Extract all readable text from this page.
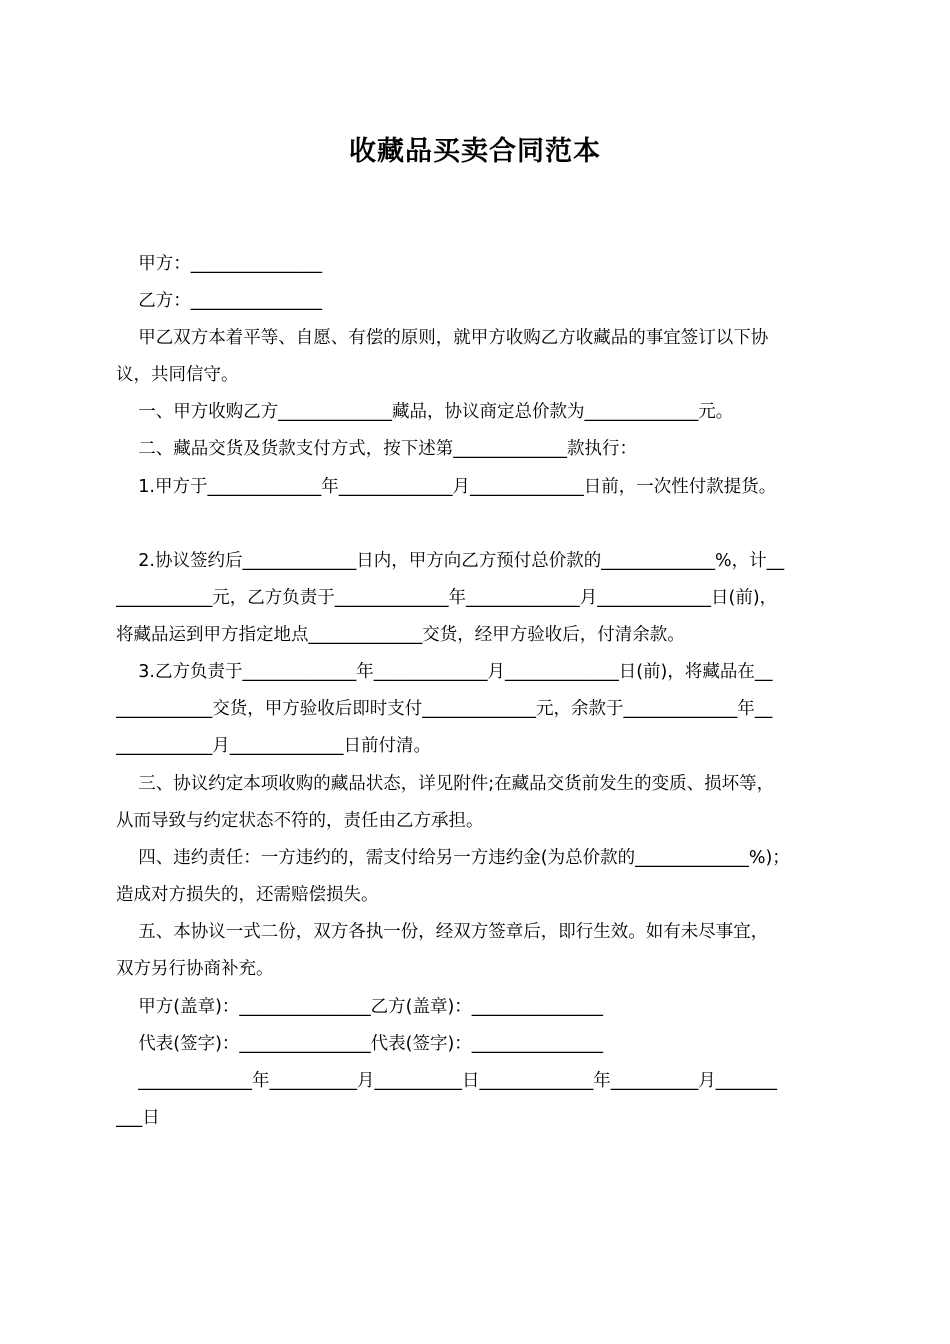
收藏品买卖合同范本
甲方：_______________
乙方：_______________
甲乙双方本着平等、自愿、有偿的原则，就甲方收购乙方收藏品的事宜签订以下协
议，共同信守。
一、甲方收购乙方_____________藏品，协议商定总价款为_____________元。
二、藏品交货及货款支付方式，按下述第_____________款执行：
1.甲方于_____________年_____________月_____________日前，一次性付款提货。
2.协议签约后_____________日内，甲方向乙方预付总价款的_____________%，计__
___________元，乙方负责于_____________年_____________月_____________日(前)，
将藏品运到甲方指定地点_____________交货，经甲方验收后，付清余款。
3.乙方负责于_____________年_____________月_____________日(前)，将藏品在__
___________交货，甲方验收后即时支付_____________元，余款于_____________年__
___________月_____________日前付清。
三、协议约定本项收购的藏品状态，详见附件;在藏品交货前发生的变质、损坏等，
从而导致与约定状态不符的，责任由乙方承担。
四、违约责任：一方违约的，需支付给另一方违约金(为总价款的_____________%)；
造成对方损失的，还需赔偿损失。
五、本协议一式二份，双方各执一份，经双方签章后，即行生效。如有未尽事宜，
双方另行协商补充。
甲方(盖章)：_______________乙方(盖章)：_______________
代表(签字)：_______________代表(签字)：_______________
_____________年__________月__________日_____________年__________月_______
___日
